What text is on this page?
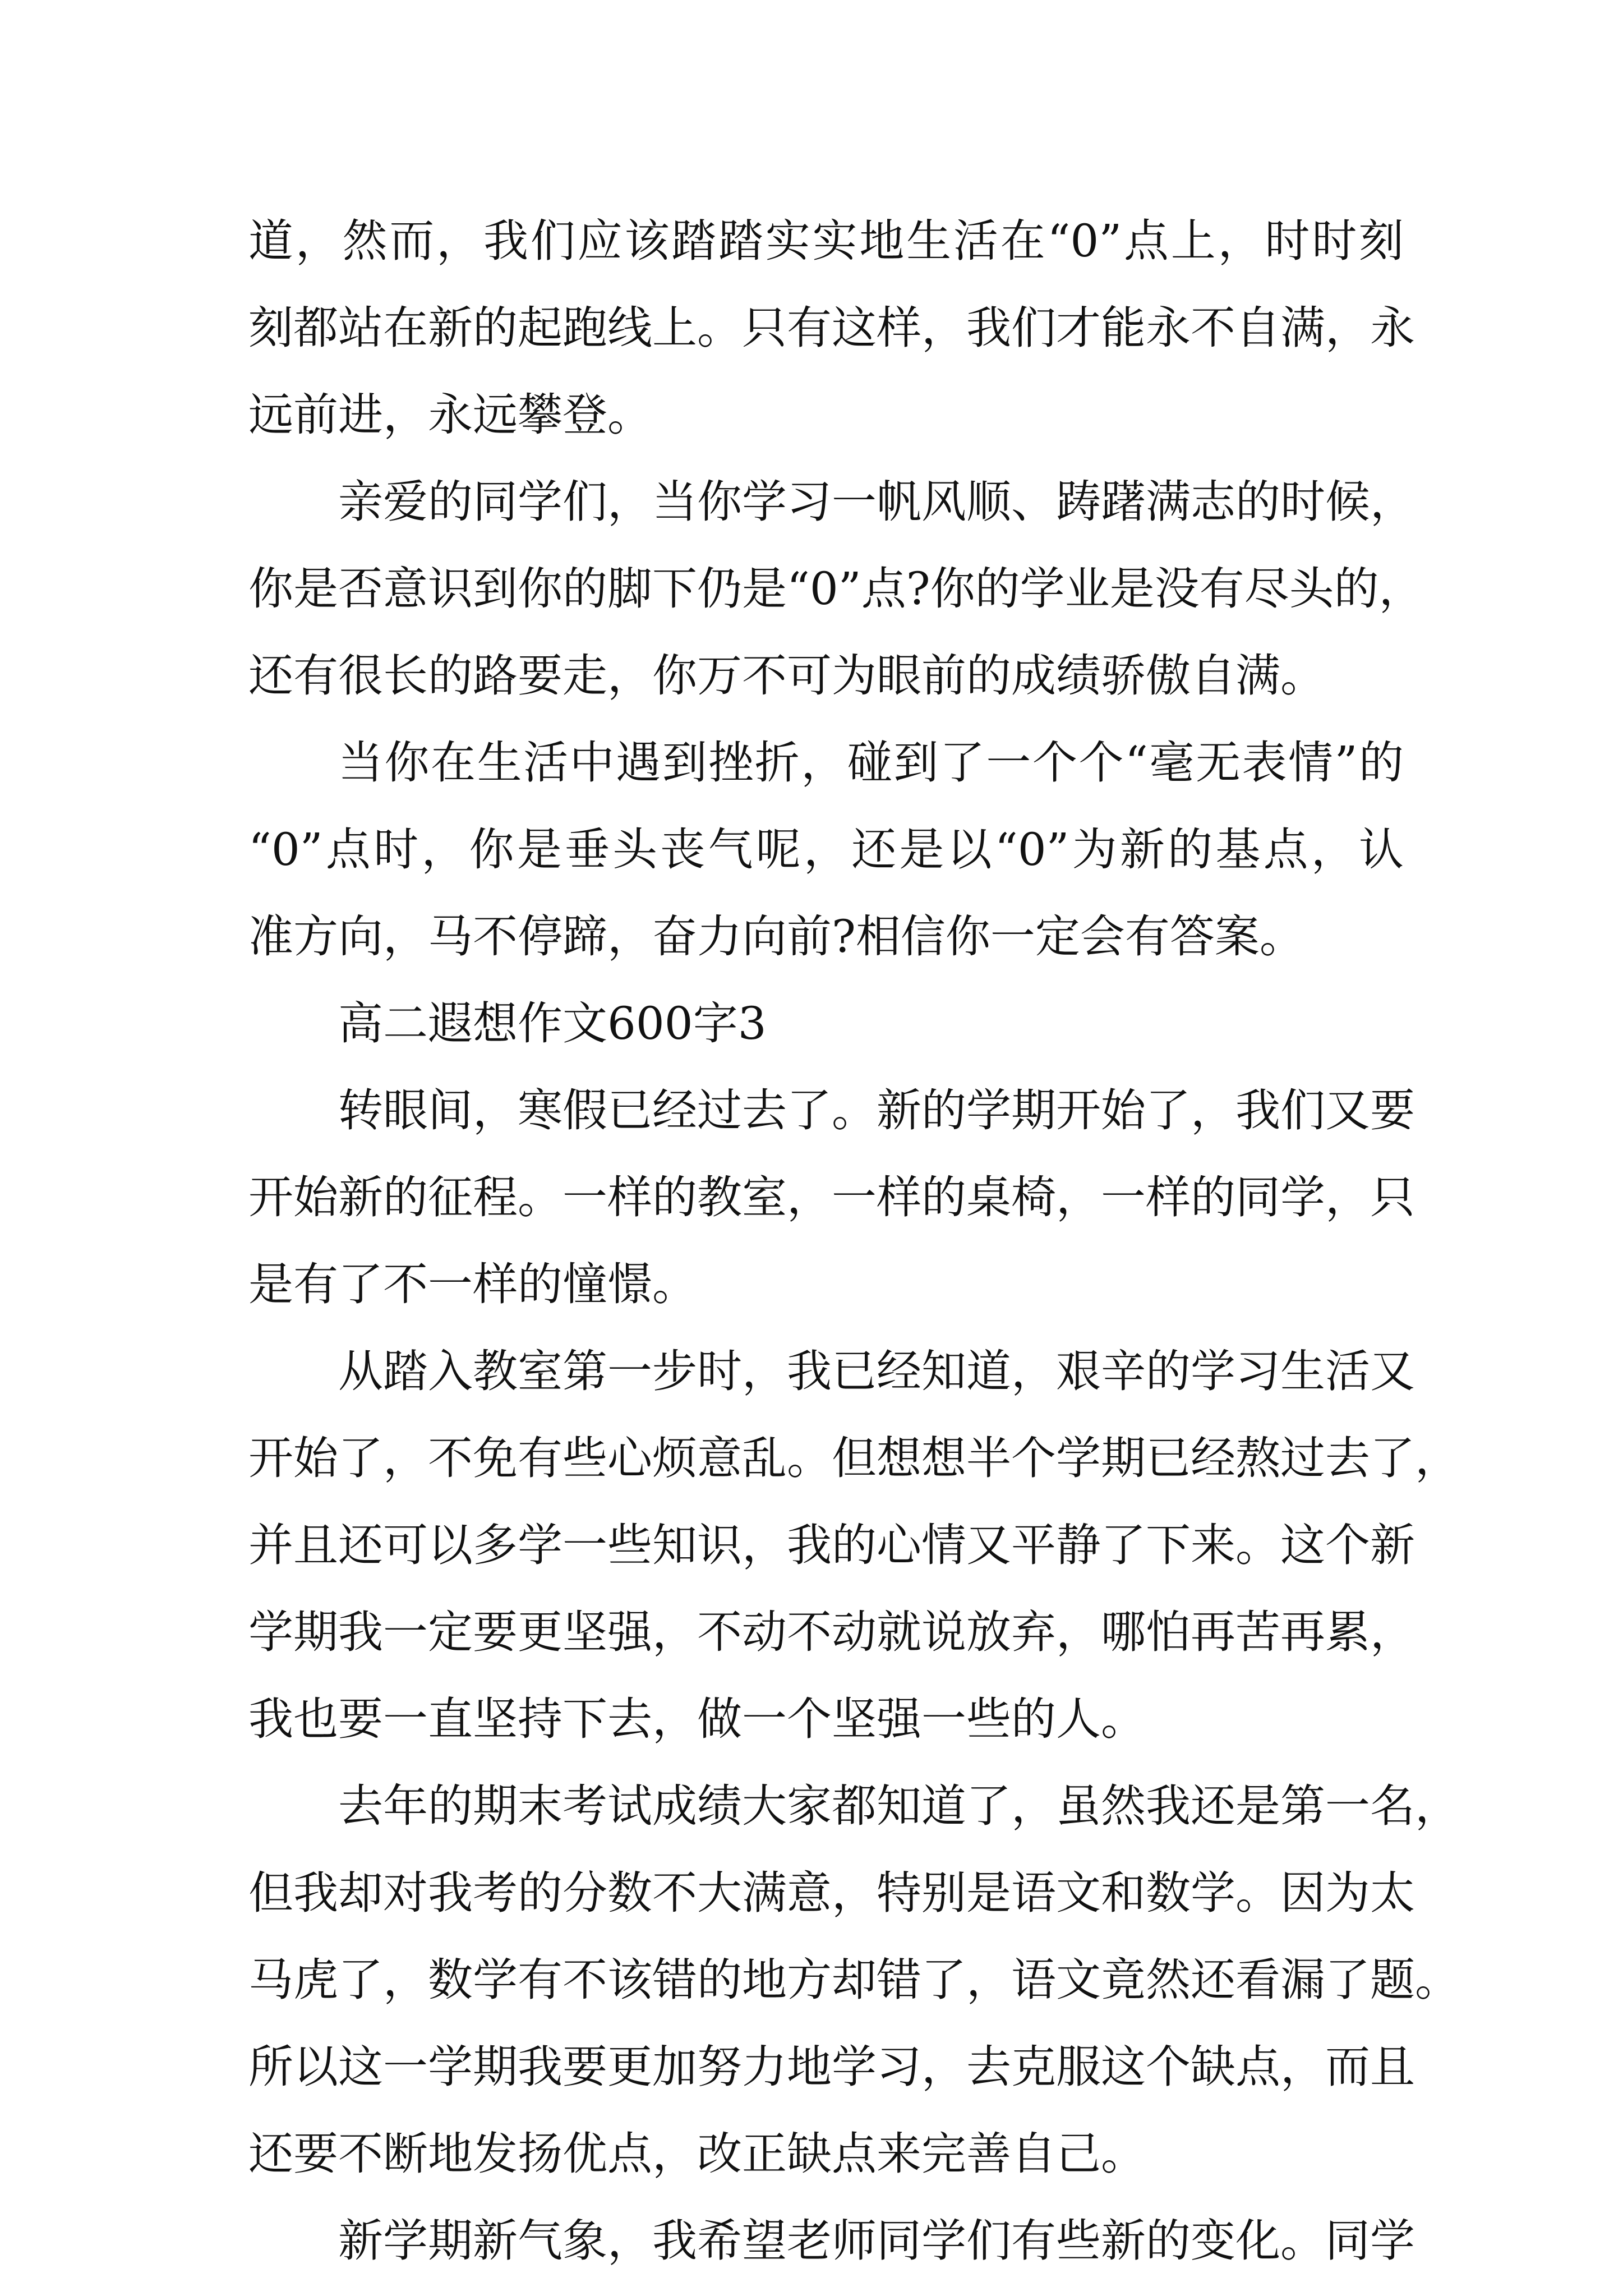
道，然而，我们应该踏踏实实地生活在“0”点上，时时刻
刻都站在新的起跑线上。只有这样，我们才能永不自满，永
远前进，永远攀登。
亲爱的同学们，当你学习一帆风顺、踌躇满志的时候，
你是否意识到你的脚下仍是“0”点?你的学业是没有尽头的，
还有很长的路要走，你万不可为眼前的成绩骄傲自满。
当你在生活中遇到挫折，碰到了一个个“毫无表情”的
“0”点时，你是垂头丧气呢，还是以“0”为新的基点，认
准方向，马不停蹄，奋力向前?相信你一定会有答案。
高二遐想作文600字3
转眼间，寒假已经过去了。新的学期开始了，我们又要
开始新的征程。一样的教室，一样的桌椅，一样的同学，只
是有了不一样的憧憬。
从踏入教室第一步时，我已经知道，艰辛的学习生活又
开始了，不免有些心烦意乱。但想想半个学期已经熬过去了，
并且还可以多学一些知识，我的心情又平静了下来。这个新
学期我一定要更坚强，不动不动就说放弃，哪怕再苦再累，
我也要一直坚持下去，做一个坚强一些的人。
去年的期末考试成绩大家都知道了，虽然我还是第一名，
但我却对我考的分数不大满意，特别是语文和数学。因为太
马虎了，数学有不该错的地方却错了，语文竟然还看漏了题。
所以这一学期我要更加努力地学习，去克服这个缺点，而且
还要不断地发扬优点，改正缺点来完善自己。
新学期新气象，我希望老师同学们有些新的变化。同学
